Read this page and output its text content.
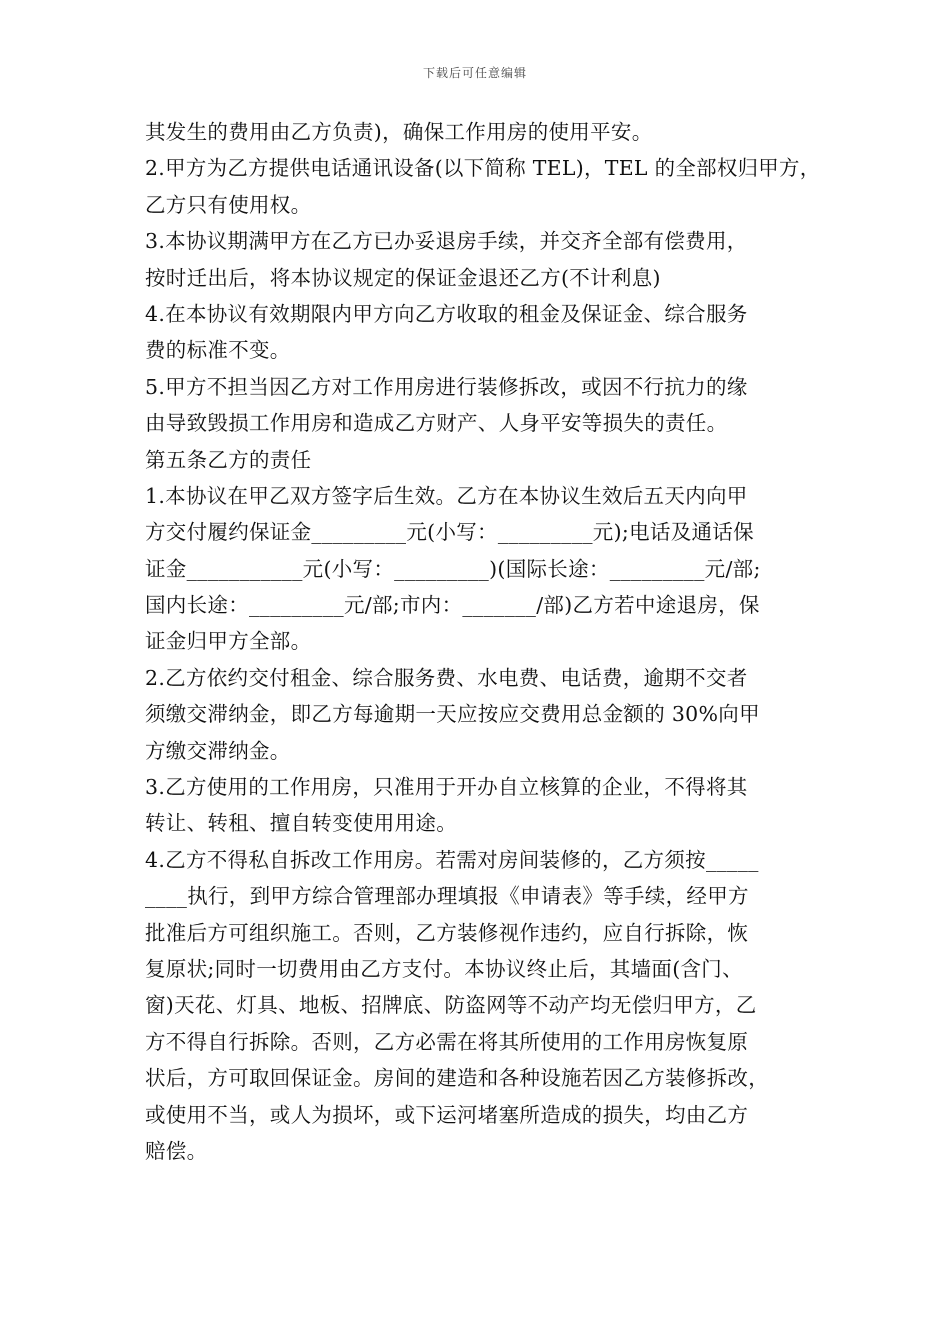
下载后可任意编辑
其发生的费用由乙方负责)，确保工作用房的使用平安。
2.甲方为乙方提供电话通讯设备(以下简称 TEL)，TEL 的全部权归甲方，
乙方只有使用权。
3.本协议期满甲方在乙方已办妥退房手续，并交齐全部有偿费用，
按时迁出后，将本协议规定的保证金退还乙方(不计利息)
4.在本协议有效期限内甲方向乙方收取的租金及保证金、综合服务
费的标准不变。
5.甲方不担当因乙方对工作用房进行装修拆改，或因不行抗力的缘
由导致毁损工作用房和造成乙方财产、人身平安等损失的责任。
第五条乙方的责任
1.本协议在甲乙双方签字后生效。乙方在本协议生效后五天内向甲
方交付履约保证金_________元(小写：_________元);电话及通话保
证金___________元(小写：_________)(国际长途：_________元/部;
国内长途：_________元/部;市内：_______/部)乙方若中途退房，保
证金归甲方全部。
2.乙方依约交付租金、综合服务费、水电费、电话费，逾期不交者
须缴交滞纳金，即乙方每逾期一天应按应交费用总金额的 30%向甲
方缴交滞纳金。
3.乙方使用的工作用房，只准用于开办自立核算的企业，不得将其
转让、转租、擅自转变使用用途。
4.乙方不得私自拆改工作用房。若需对房间装修的，乙方须按_____
____执行，到甲方综合管理部办理填报《申请表》等手续，经甲方
批准后方可组织施工。否则，乙方装修视作违约，应自行拆除，恢
复原状;同时一切费用由乙方支付。本协议终止后，其墙面(含门、
窗)天花、灯具、地板、招牌底、防盗网等不动产均无偿归甲方，乙
方不得自行拆除。否则，乙方必需在将其所使用的工作用房恢复原
状后，方可取回保证金。房间的建造和各种设施若因乙方装修拆改，
或使用不当，或人为损坏，或下运河堵塞所造成的损失，均由乙方
赔偿。
